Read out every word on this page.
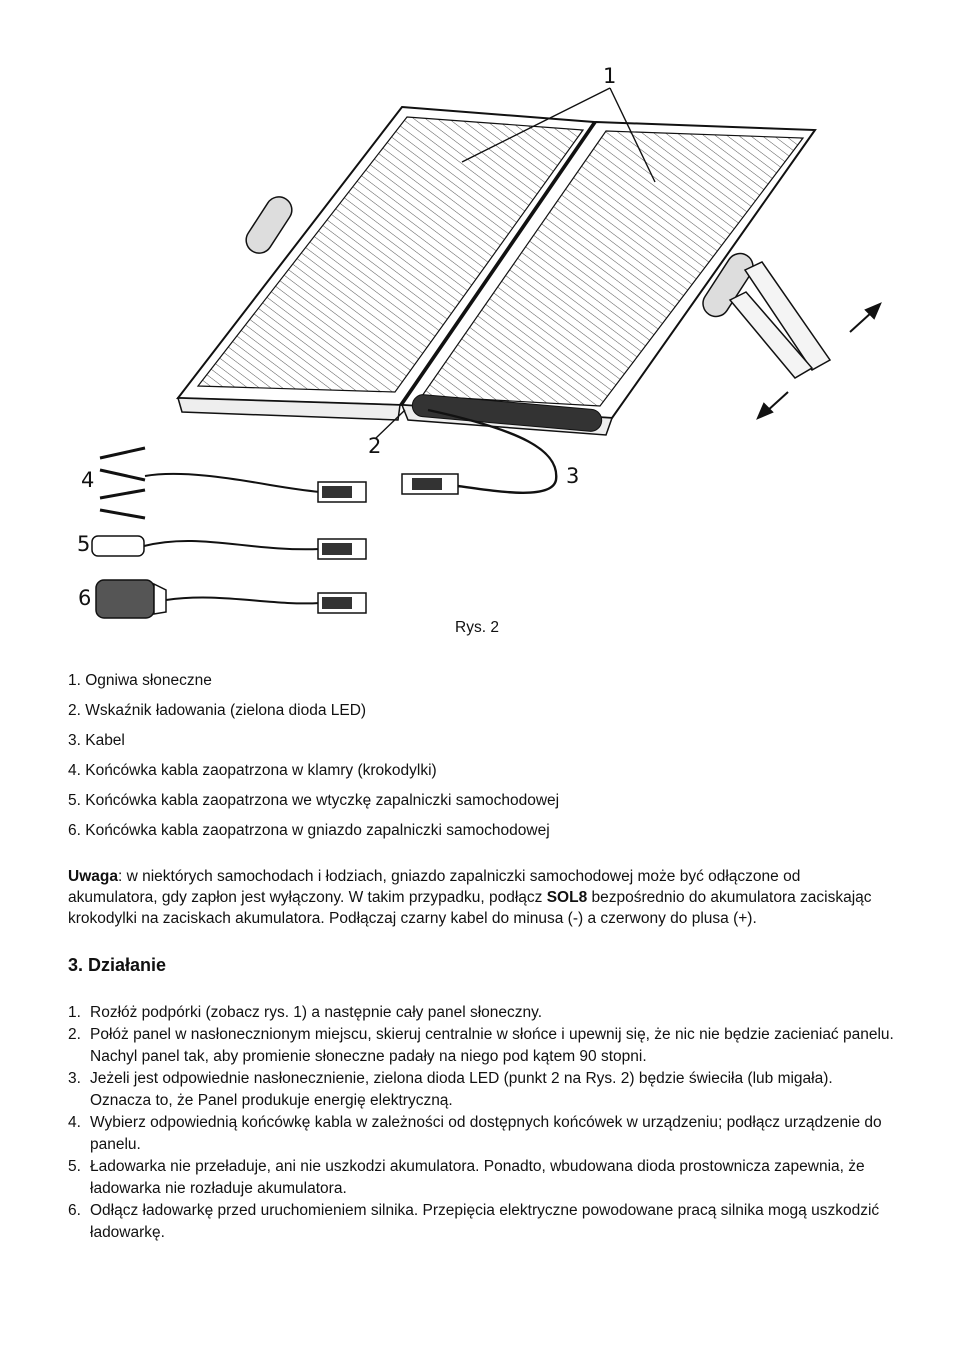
1
2
3
4
5
6
Rys. 2
1. Ogniwa słoneczne
2. Wskaźnik ładowania (zielona dioda LED)
3. Kabel
4. Końcówka kabla zaopatrzona w klamry (krokodylki)
5. Końcówka kabla zaopatrzona we wtyczkę zapalniczki samochodowej
6. Końcówka kabla zaopatrzona w gniazdo zapalniczki samochodowej

Uwaga: w niektórych samochodach i łodziach, gniazdo zapalniczki samochodowej może być odłączone od akumulatora, gdy zapłon jest wyłączony. W takim przypadku, podłącz SOL8 bezpośrednio do akumulatora zaciskając krokodylki na zaciskach akumulatora. Podłączaj czarny kabel do minusa (-) a czerwony do plusa (+).

3. Działanie
1. Rozłóż podpórki (zobacz rys. 1) a następnie cały panel słoneczny.
2. Połóż panel w nasłonecznionym miejscu, skieruj centralnie w słońce i upewnij się, że nic nie będzie zacieniać panelu. Nachyl panel tak, aby promienie słoneczne padały na niego pod kątem 90 stopni.
3. Jeżeli jest odpowiednie nasłonecznienie, zielona dioda LED (punkt 2 na Rys. 2) będzie świeciła (lub migała). Oznacza to, że Panel produkuje energię elektryczną.
4. Wybierz odpowiednią końcówkę kabla w zależności od dostępnych końcówek w urządzeniu; podłącz urządzenie do panelu.
5. Ładowarka nie przeładuje, ani nie uszkodzi akumulatora. Ponadto, wbudowana dioda prostownicza zapewnia, że ładowarka nie rozładuje akumulatora.
6. Odłącz ładowarkę przed uruchomieniem silnika. Przepięcia elektryczne powodowane pracą silnika mogą uszkodzić ładowarkę.
